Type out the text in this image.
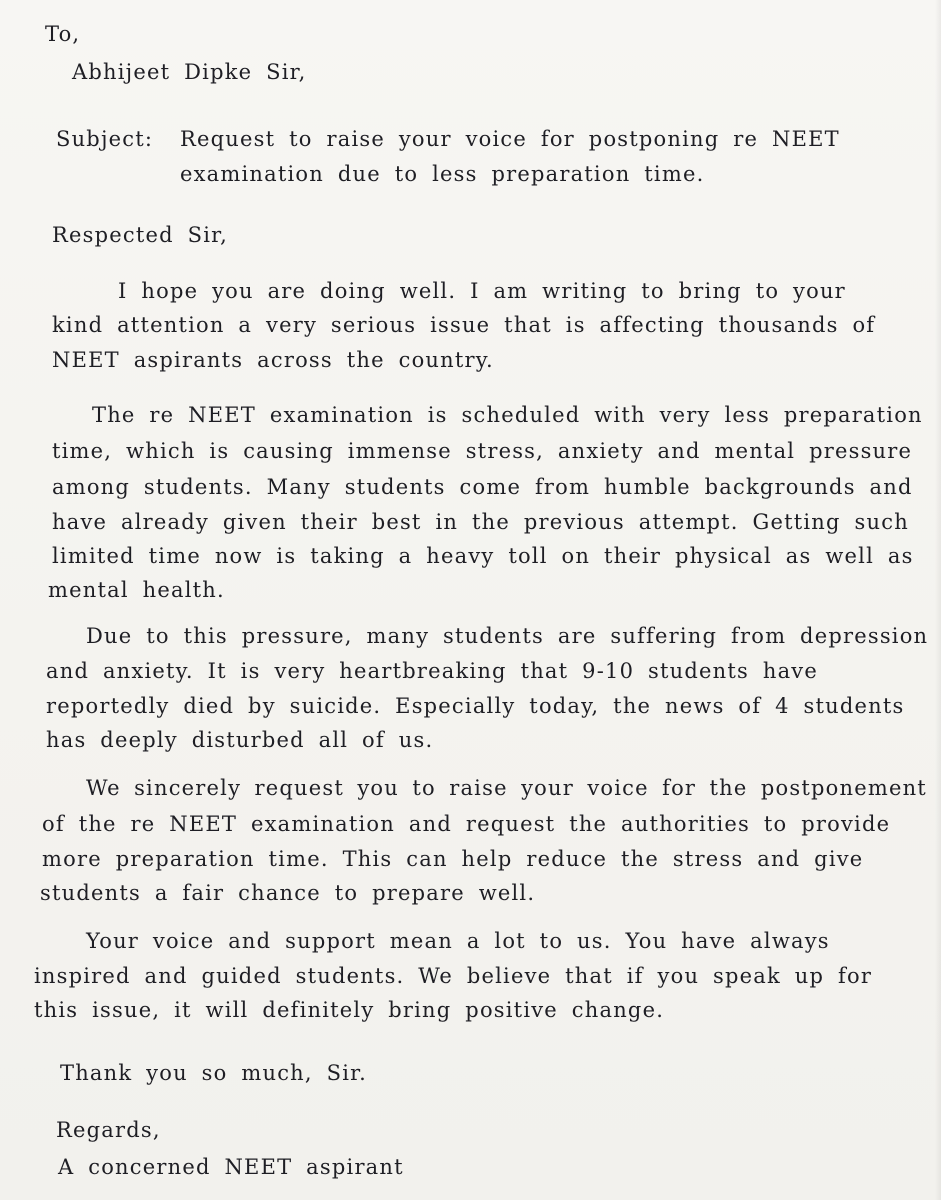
To,

Abhijeet Dipke Sir,

Subject: Request to raise your voice for postponing re NEET

examination due to less preparation time.

Respected Sir,

I hope you are doing well. I am writing to bring to your

kind attention a very serious issue that is affecting thousands of

NEET aspirants across the country.

The re NEET examination is scheduled with very less preparation

time, which is causing immense stress, anxiety and mental pressure

among students. Many students come from humble backgrounds and

have already given their best in the previous attempt. Getting such

limited time now is taking a heavy toll on their physical as well as

mental health.

Due to this pressure, many students are suffering from depression

and anxiety. It is very heartbreaking that 9-10 students have

reportedly died by suicide. Especially today, the news of 4 students

has deeply disturbed all of us.

We sincerely request you to raise your voice for the postponement

of the re NEET examination and request the authorities to provide

more preparation time. This can help reduce the stress and give

students a fair chance to prepare well.

Your voice and support mean a lot to us. You have always

inspired and guided students. We believe that if you speak up for

this issue, it will definitely bring positive change.

Thank you so much, Sir.

Regards,

A concerned NEET aspirant
